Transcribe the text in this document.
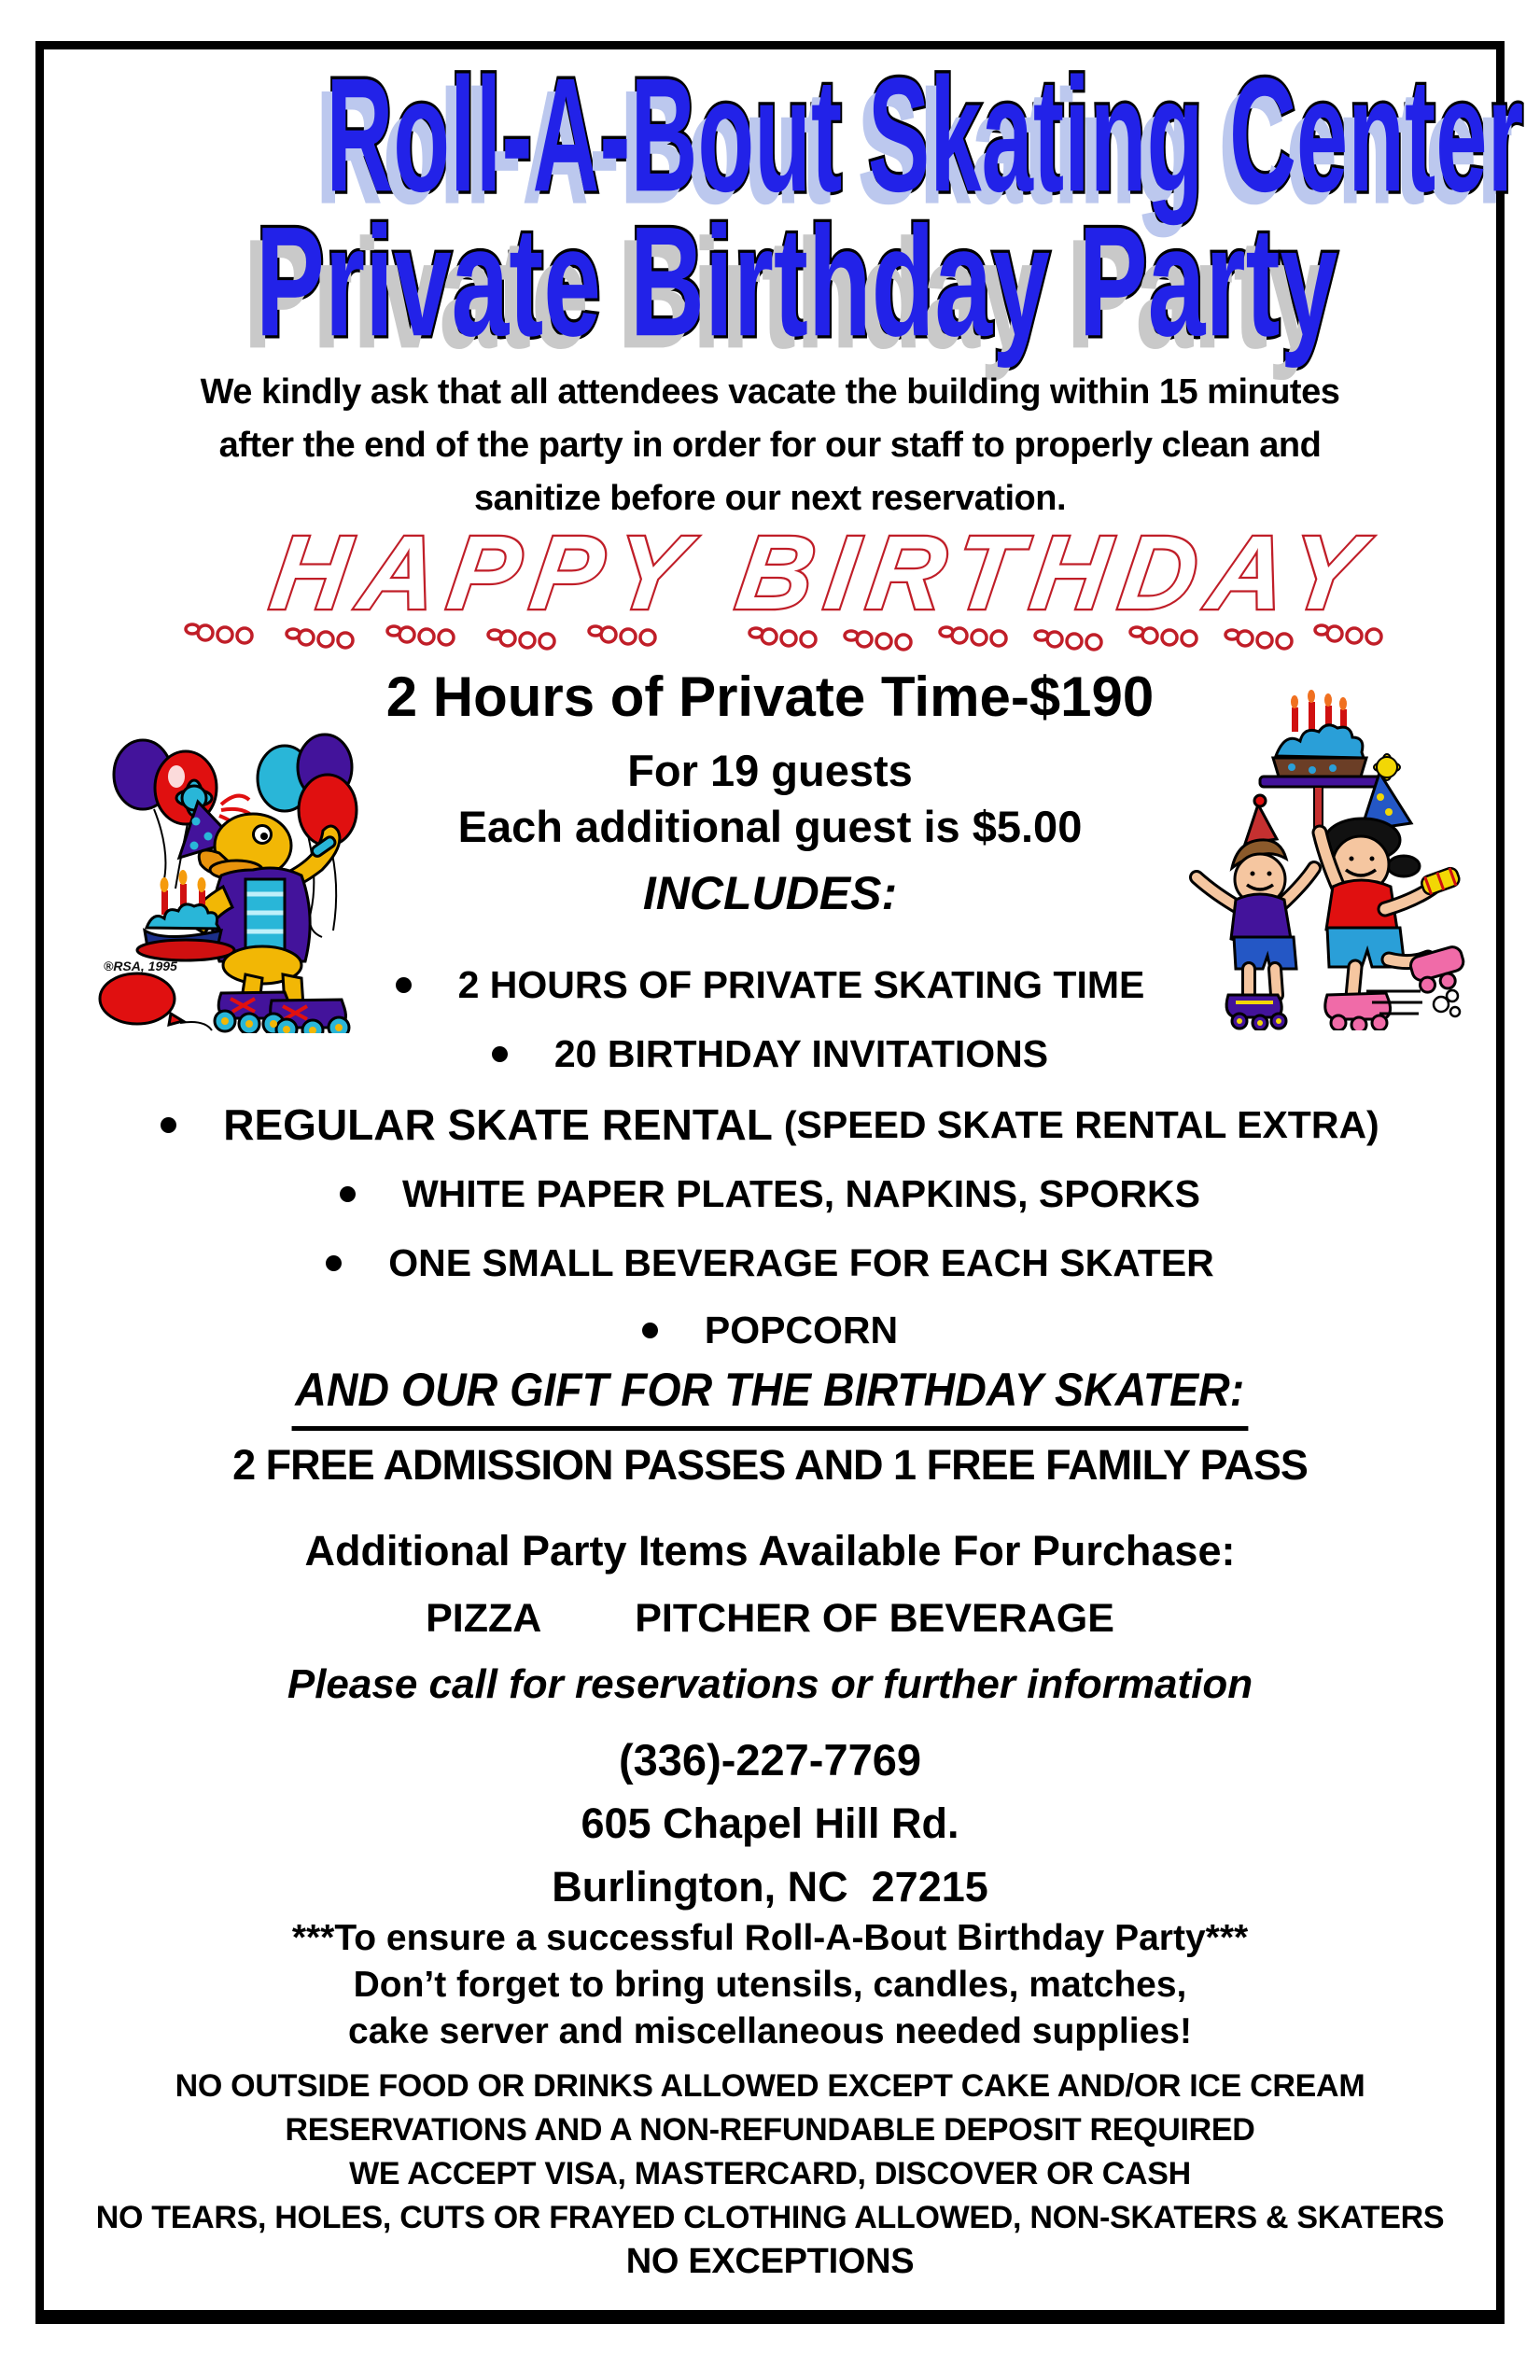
Roll-A-Bout Skating Center
Private Birthday Party
We kindly ask that all attendees vacate the building within 15 minutes
after the end of the party in order for our staff to properly clean and
sanitize before our next reservation.
HAPPY BIRTHDAY
2 Hours of Private Time-$190
For 19 guests
Each additional guest is $5.00
INCLUDES:
®RSA, 1995	2 HOURS OF PRIVATE SKATING TIME
20 BIRTHDAY INVITATIONS
REGULAR SKATE RENTAL (SPEED SKATE RENTAL EXTRA)
WHITE PAPER PLATES, NAPKINS, SPORKS
ONE SMALL BEVERAGE FOR EACH SKATER
POPCORN
AND OUR GIFT FOR THE BIRTHDAY SKATER:
2 FREE ADMISSION PASSES AND 1 FREE FAMILY PASS
Additional Party Items Available For Purchase:
PIZZA PITCHER OF BEVERAGE
Please call for reservations or further information
(336)-227-7769
605 Chapel Hill Rd.
Burlington, NC  27215
***To ensure a successful Roll-A-Bout Birthday Party***
Don’t forget to bring utensils, candles, matches,
cake server and miscellaneous needed supplies!
NO OUTSIDE FOOD OR DRINKS ALLOWED EXCEPT CAKE AND/OR ICE CREAM
RESERVATIONS AND A NON-REFUNDABLE DEPOSIT REQUIRED
WE ACCEPT VISA, MASTERCARD, DISCOVER OR CASH
NO TEARS, HOLES, CUTS OR FRAYED CLOTHING ALLOWED, NON-SKATERS & SKATERS
NO EXCEPTIONS
